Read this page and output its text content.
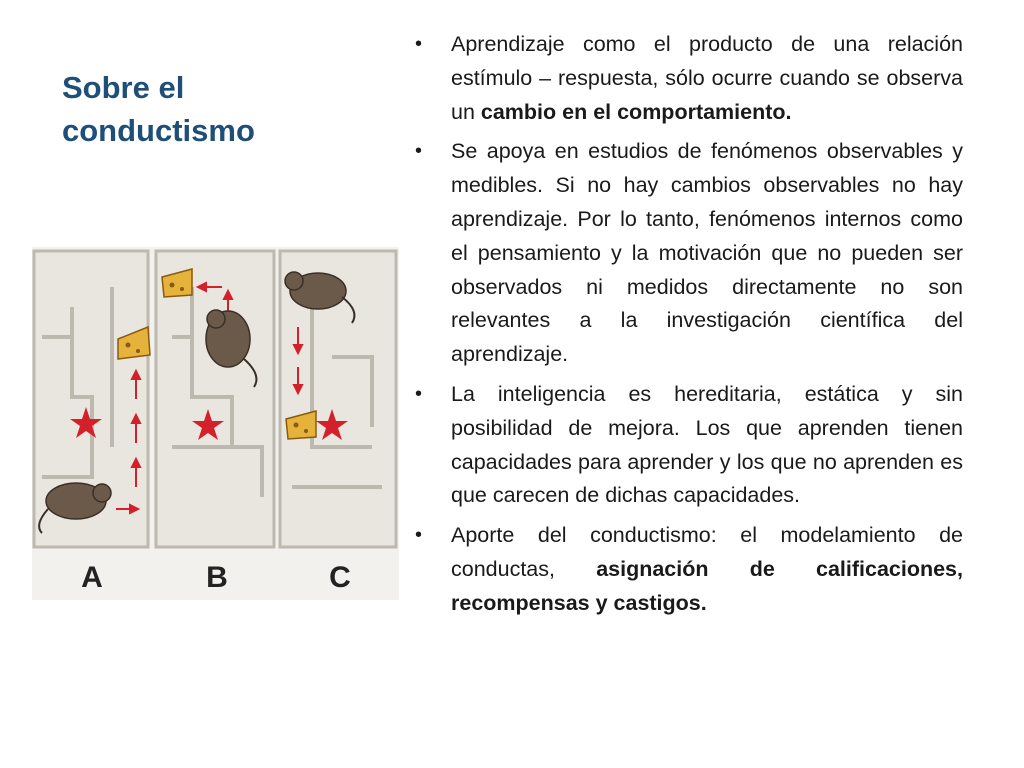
Sobre el
conductismo
A	B	C
• Aprendizaje como el producto de una relación estímulo – respuesta, sólo ocurre cuando se observa un cambio en el comportamiento.
• Se apoya en estudios de fenómenos observables y medibles. Si no hay cambios observables no hay aprendizaje. Por lo tanto, fenómenos internos como el pensamiento y la motivación que no pueden ser observados ni medidos directamente no son relevantes a la investigación científica del aprendizaje.
• La inteligencia es hereditaria, estática y sin posibilidad de mejora. Los que aprenden tienen capacidades para aprender y los que no aprenden es que carecen de dichas capacidades.
• Aporte del conductismo: el modelamiento de conductas, asignación de calificaciones, recompensas y castigos.
